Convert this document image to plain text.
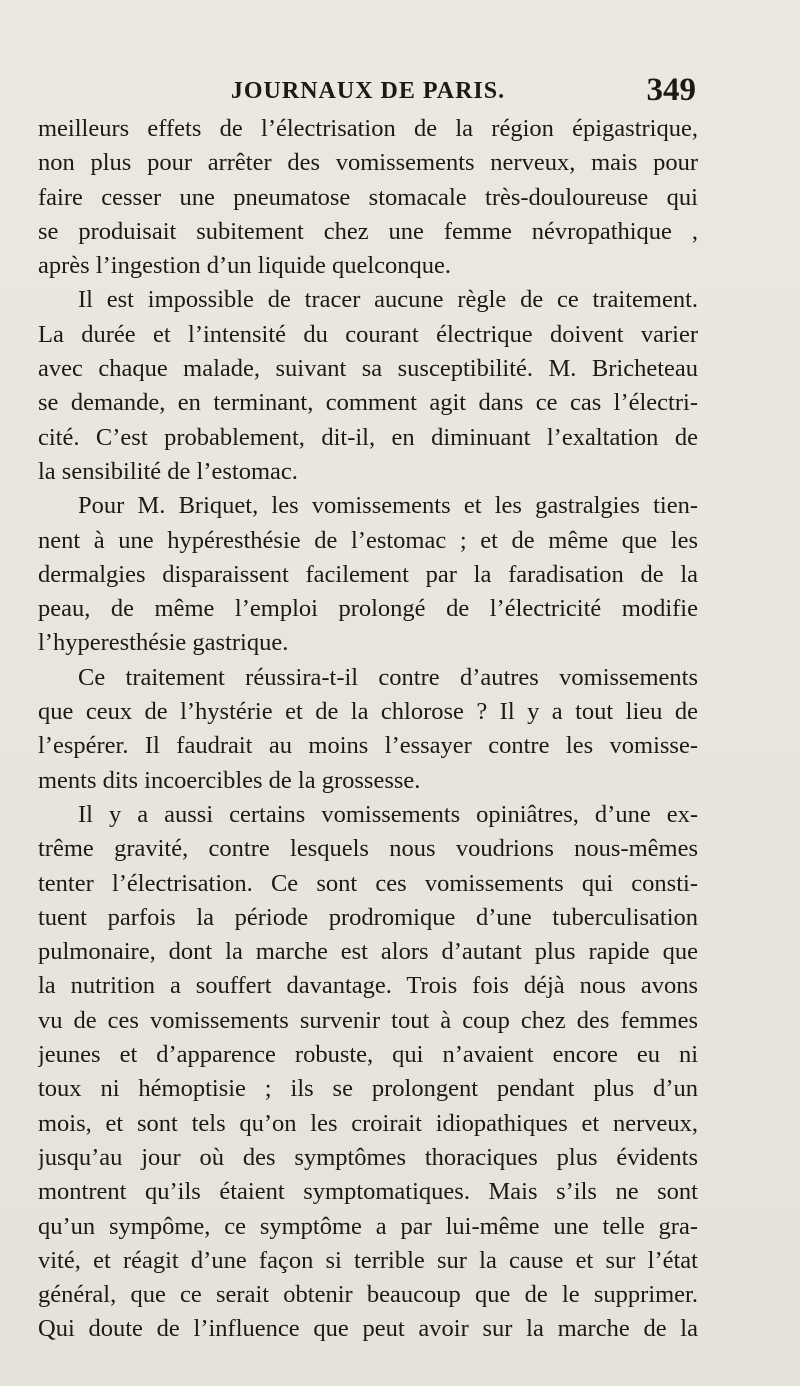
JOURNAUX DE PARIS.	349
meilleurs effets de l’électrisation de la région épigastrique,
non plus pour arrêter des vomissements nerveux, mais pour
faire cesser une pneumatose stomacale très-douloureuse qui
se produisait subitement chez une femme névropathique ,
après l’ingestion d’un liquide quelconque.
Il est impossible de tracer aucune règle de ce traitement.
La durée et l’intensité du courant électrique doivent varier
avec chaque malade, suivant sa susceptibilité. M. Bricheteau
se demande, en terminant, comment agit dans ce cas l’électri-
cité. C’est probablement, dit-il, en diminuant l’exaltation de
la sensibilité de l’estomac.
Pour M. Briquet, les vomissements et les gastralgies tien-
nent à une hypéresthésie de l’estomac ; et de même que les
dermalgies disparaissent facilement par la faradisation de la
peau, de même l’emploi prolongé de l’électricité modifie
l’hyperesthésie gastrique.
Ce traitement réussira-t-il contre d’autres vomissements
que ceux de l’hystérie et de la chlorose ? Il y a tout lieu de
l’espérer. Il faudrait au moins l’essayer contre les vomisse-
ments dits incoercibles de la grossesse.
Il y a aussi certains vomissements opiniâtres, d’une ex-
trême gravité, contre lesquels nous voudrions nous-mêmes
tenter l’électrisation. Ce sont ces vomissements qui consti-
tuent parfois la période prodromique d’une tuberculisation
pulmonaire, dont la marche est alors d’autant plus rapide que
la nutrition a souffert davantage. Trois fois déjà nous avons
vu de ces vomissements survenir tout à coup chez des femmes
jeunes et d’apparence robuste, qui n’avaient encore eu ni
toux ni hémoptisie ; ils se prolongent pendant plus d’un
mois, et sont tels qu’on les croirait idiopathiques et nerveux,
jusqu’au jour où des symptômes thoraciques plus évidents
montrent qu’ils étaient symptomatiques. Mais s’ils ne sont
qu’un sympôme, ce symptôme a par lui-même une telle gra-
vité, et réagit d’une façon si terrible sur la cause et sur l’état
général, que ce serait obtenir beaucoup que de le supprimer.
Qui doute de l’influence que peut avoir sur la marche de la
